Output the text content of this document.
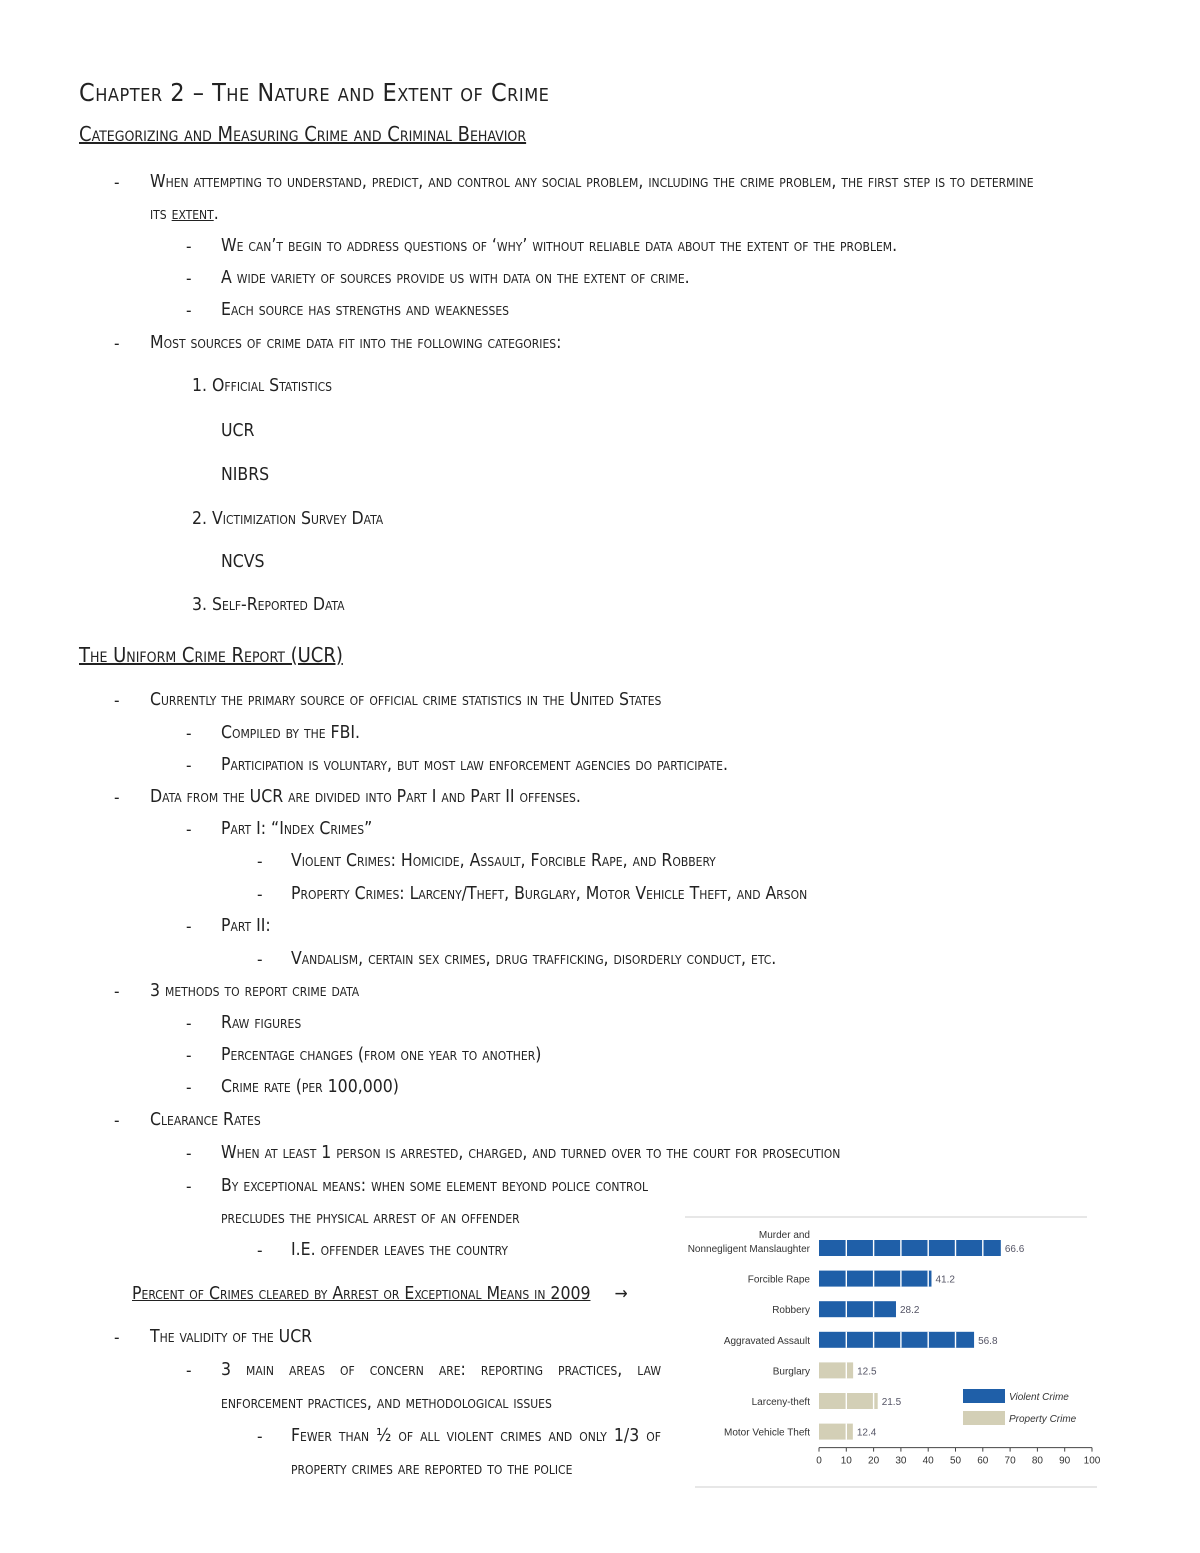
Chapter 2 – The Nature and Extent of Crime
Categorizing and Measuring Crime and Criminal Behavior
- When attempting to understand, predict, and control any social problem, including the crime problem, the first step is to determine
its extent.
- We can’t begin to address questions of ‘why’ without reliable data about the extent of the problem.
- A wide variety of sources provide us with data on the extent of crime.
- Each source has strengths and weaknesses
- Most sources of crime data fit into the following categories:
1. Official Statistics
UCR
NIBRS
2. Victimization Survey Data
NCVS
3. Self-Reported Data
The Uniform Crime Report (UCR)
- Currently the primary source of official crime statistics in the United States
- Compiled by the FBI.
- Participation is voluntary, but most law enforcement agencies do participate.
- Data from the UCR are divided into Part I and Part II offenses.
- Part I: “Index Crimes”
- Violent Crimes: Homicide, Assault, Forcible Rape, and Robbery
- Property Crimes: Larceny/Theft, Burglary, Motor Vehicle Theft, and Arson
- Part II:
- Vandalism, certain sex crimes, drug trafficking, disorderly conduct, etc.
- 3 methods to report crime data
- Raw figures
- Percentage changes (from one year to another)
- Crime rate (per 100,000)
- Clearance Rates
- When at least 1 person is arrested, charged, and turned over to the court for prosecution
- By exceptional means: when some element beyond police control
precludes the physical arrest of an offender
- I.E. offender leaves the country
Percent of Crimes cleared by Arrest or Exceptional Means in 2009 →
- The validity of the UCR
- 3 main areas of concern are: reporting practices, law
enforcement practices, and methodological issues
- Fewer than ½ of all violent crimes and only 1/3 of
property crimes are reported to the police
66.6
Murder and
Nonnegligent Manslaughter
41.2
Forcible Rape
28.2
Robbery
56.8
Aggravated Assault
12.5
Burglary
21.5
Larceny-theft
12.4
Motor Vehicle Theft
0 10 20 30 40 50 60 70 80 90 100
Violent Crime
Property Crime
